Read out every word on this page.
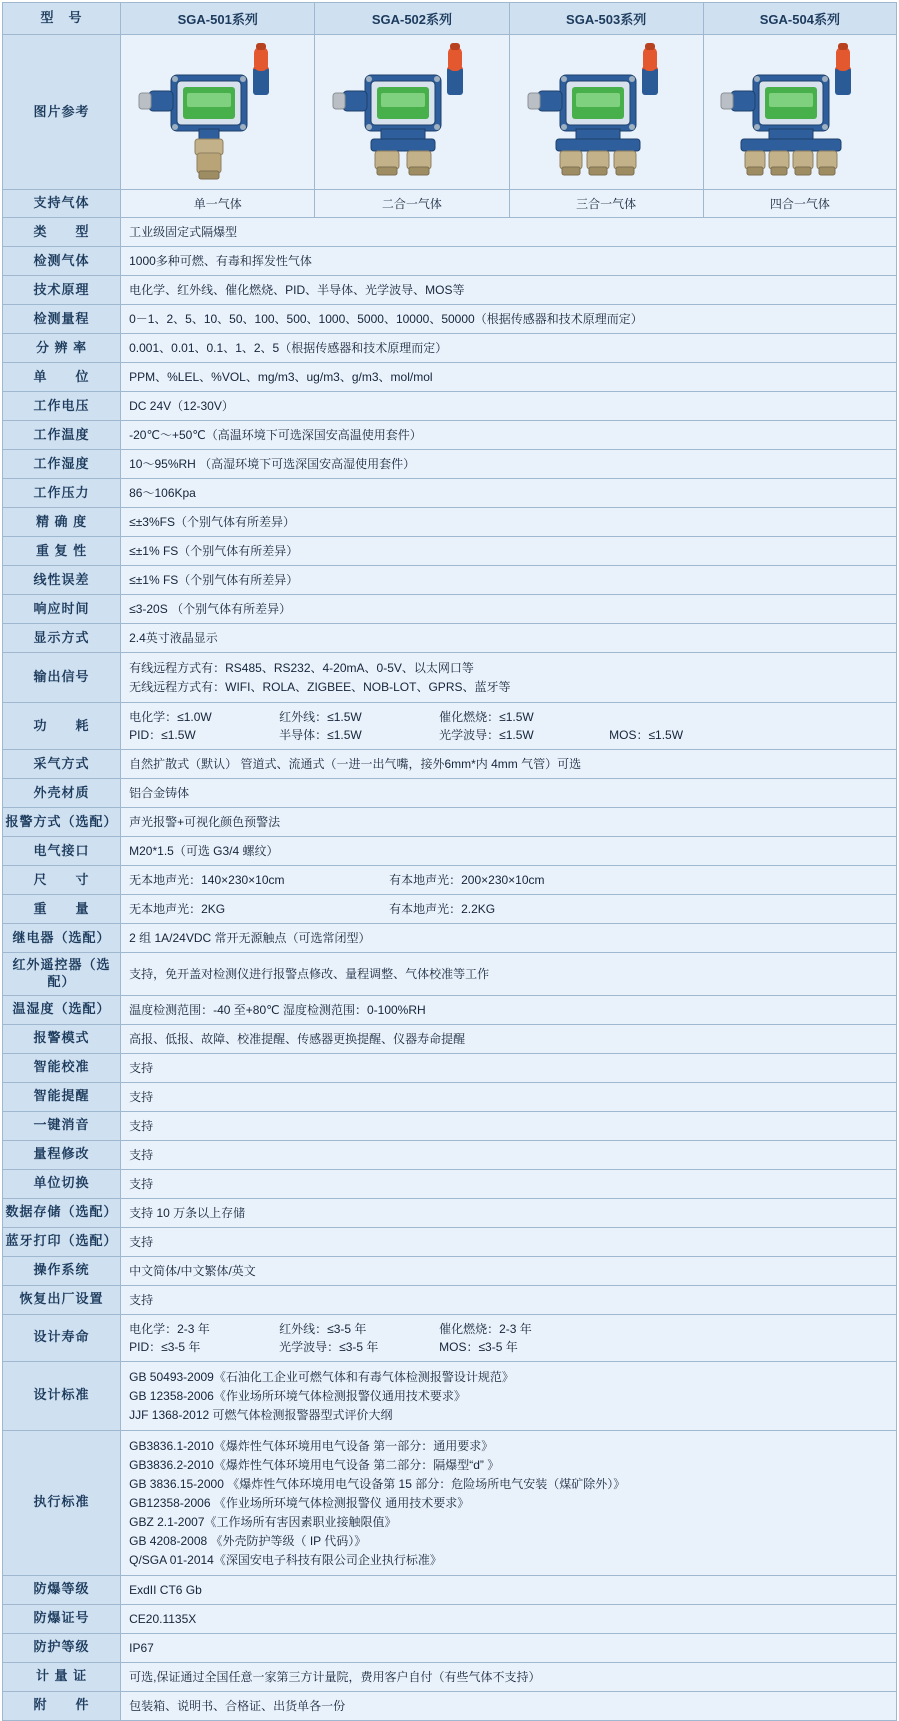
型　号	SGA-501系列	SGA-502系列	SGA-503系列	SGA-504系列
图片参考	

支持气体	单一气体	二合一气体	三合一气体	四合一气体
类　　型	工业级固定式隔爆型			
检测气体	1000多种可燃、有毒和挥发性气体			
技术原理	电化学、红外线、催化燃烧、PID、半导体、光学波导、MOS等			
检测量程	0－1、2、5、10、50、100、500、1000、5000、10000、50000（根据传感器和技术原理而定）			
分 辨 率	0.001、0.01、0.1、1、2、5（根据传感器和技术原理而定）			
单　　位	PPM、%LEL、%VOL、mg/m3、ug/m3、g/m3、mol/mol			
工作电压	DC 24V（12-30V）			
工作温度	-20℃～+50℃（高温环境下可选深国安高温使用套件）			
工作湿度	10～95%RH （高湿环境下可选深国安高湿使用套件）			
工作压力	86～106Kpa			
精 确 度	≤±3%FS（个别气体有所差异）			
重 复 性	≤±1% FS（个别气体有所差异）			
线性误差	≤±1% FS（个别气体有所差异）			
响应时间	≤3-20S （个别气体有所差异）			
显示方式	2.4英寸液晶显示			
输出信号	有线远程方式有：RS485、RS232、4-20mA、0-5V、以太网口等
无线远程方式有：WIFI、ROLA、ZIGBEE、NOB-LOT、GPRS、蓝牙等			

功　　耗	
电化学：≤1.0W	红外线：≤1.5W	催化燃烧：≤1.5W
PID：≤1.5W	半导体：≤1.5W	光学波导：≤1.5W	MOS：≤1.5W

采气方式	自然扩散式（默认） 管道式、流通式（一进一出气嘴，接外6mm*内 4mm 气管）可选			
外壳材质	铝合金铸体			
报警方式（选配）	声光报警+可视化颜色预警法			
电气接口	M20*1.5（可选 G3/4 螺纹）			
尺　　寸	无本地声光：140×230×10cm 有本地声光：200×230×10cm			

重　　量	无本地声光：2KG 有本地声光：2.2KG			

继电器（选配）	2 组 1A/24VDC 常开无源触点（可选常闭型）			
红外遥控器（选配）	支持，免开盖对检测仪进行报警点修改、量程调整、气体校准等工作			
温湿度（选配）	温度检测范围：-40 至+80℃ 湿度检测范围：0-100%RH			
报警模式	高报、低报、故障、校准提醒、传感器更换提醒、仪器寿命提醒			
智能校准	支持			
智能提醒	支持			
一键消音	支持			
量程修改	支持			
单位切换	支持			
数据存储（选配）	支持 10 万条以上存储			
蓝牙打印（选配）	支持			
操作系统	中文简体/中文繁体/英文			
恢复出厂设置	支持			
设计寿命	
电化学：2-3 年	红外线：≤3-5 年	催化燃烧：2-3 年
PID：≤3-5 年	光学波导：≤3-5 年	MOS：≤3-5 年

设计标准	GB 50493-2009《石油化工企业可燃气体和有毒气体检测报警设计规范》
GB 12358-2006《作业场所环境气体检测报警仪通用技术要求》
JJF 1368-2012 可燃气体检测报警器型式评价大纲			

执行标准	
GB3836.1-2010《爆炸性气体环境用电气设备 第一部分：通用要求》
GB3836.2-2010《爆炸性气体环境用电气设备 第二部分：隔爆型“d” 》
GB 3836.15-2000 《爆炸性气体环境用电气设备第 15 部分：危险场所电气安装（煤矿除外）》
GB12358-2006 《作业场所环境气体检测报警仪 通用技术要求》
GBZ 2.1-2007《工作场所有害因素职业接触限值》
GB 4208-2008 《外壳防护等级（ IP 代码）》
Q/SGA 01-2014《深国安电子科技有限公司企业执行标准》

防爆等级	ExdII CT6 Gb			
防爆证号	CE20.1135X			
防护等级	IP67			
计 量 证	可选,保证通过全国任意一家第三方计量院，费用客户自付（有些气体不支持）			
附　　件	包装箱、说明书、合格证、出货单各一份			
